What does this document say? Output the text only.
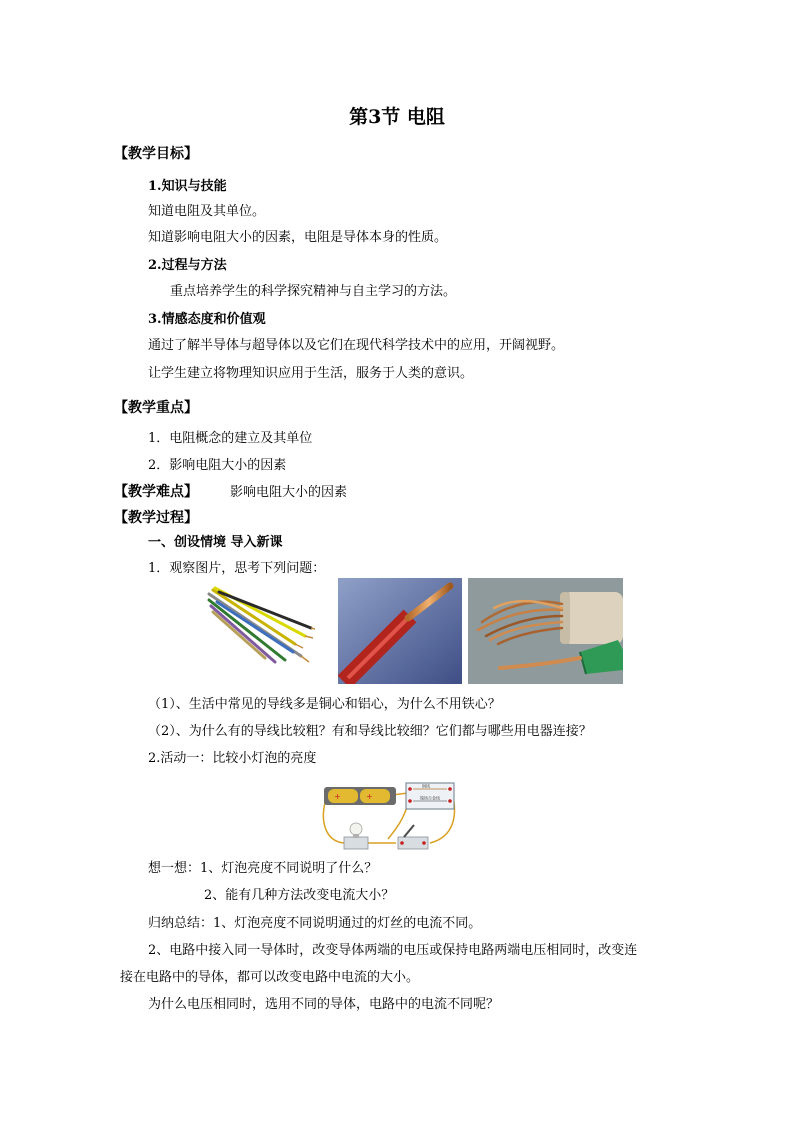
第3节 电阻
【教学目标】
1.知识与技能
知道电阻及其单位。
知道影响电阻大小的因素，电阻是导体本身的性质。
2.过程与方法
重点培养学生的科学探究精神与自主学习的方法。
3.情感态度和价值观
通过了解半导体与超导体以及它们在现代科学技术中的应用，开阔视野。
让学生建立将物理知识应用于生活，服务于人类的意识。
【教学重点】
1．电阻概念的建立及其单位
2．影响电阻大小的因素
【教学难点】 影响电阻大小的因素
【教学过程】
一、创设情境 导入新课
1．观察图片，思考下列问题：
（1）、生活中常见的导线多是铜心和铝心，为什么不用铁心？
（2）、为什么有的导线比较粗？有和导线比较细？它们都与哪些用电器连接？
2.活动一：比较小灯泡的亮度
+	+
铜线
镍铬合金线
想一想：1、灯泡亮度不同说明了什么？
2、能有几种方法改变电流大小？
归纳总结：1、灯泡亮度不同说明通过的灯丝的电流不同。
2、电路中接入同一导体时，改变导体两端的电压或保持电路两端电压相同时，改变连
接在电路中的导体，都可以改变电路中电流的大小。
为什么电压相同时，选用不同的导体，电路中的电流不同呢？
